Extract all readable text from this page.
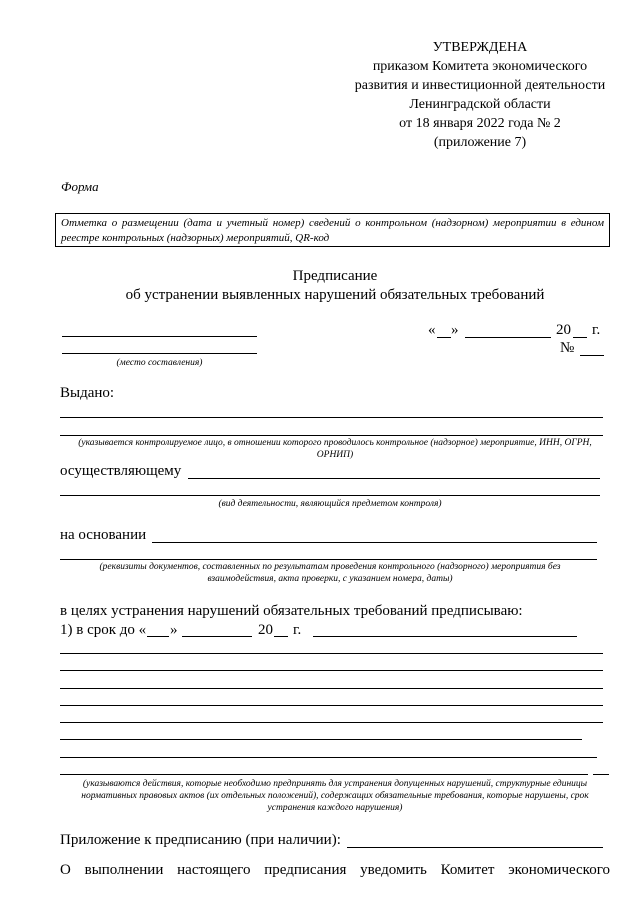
УТВЕРЖДЕНА
приказом Комитета экономического
развития и инвестиционной деятельности
Ленинградской области
от 18 января 2022 года № 2
(приложение 7)
Форма
Отметка о размещении (дата и учетный номер) сведений о контрольном (надзорном) мероприятии в едином реестре контрольных (надзорных) мероприятий, QR-код
Предписание
об устранении выявленных нарушений обязательных требований
(место составления)
« »	20 г.
№
Выдано:
(указывается контролируемое лицо, в отношении которого проводилось контрольное (надзорное) мероприятие, ИНН, ОГРН, ОРНИП)
осуществляющему
(вид деятельности, являющийся предметом контроля)
на основании
(реквизиты документов, составленных по результатам проведения контрольного (надзорного) мероприятия без взаимодействия, акта проверки, с указанием номера, даты)
в целях устранения нарушений обязательных требований предписываю:
1) в срок до « »	20 г.
(указываются действия, которые необходимо предпринять для устранения допущенных нарушений, структурные единицы нормативных правовых актов (их отдельных положений), содержащих обязательные требования, которые нарушены, срок устранения каждого нарушения)
Приложение к предписанию (при наличии):
О выполнении настоящего предписания уведомить Комитет экономического
